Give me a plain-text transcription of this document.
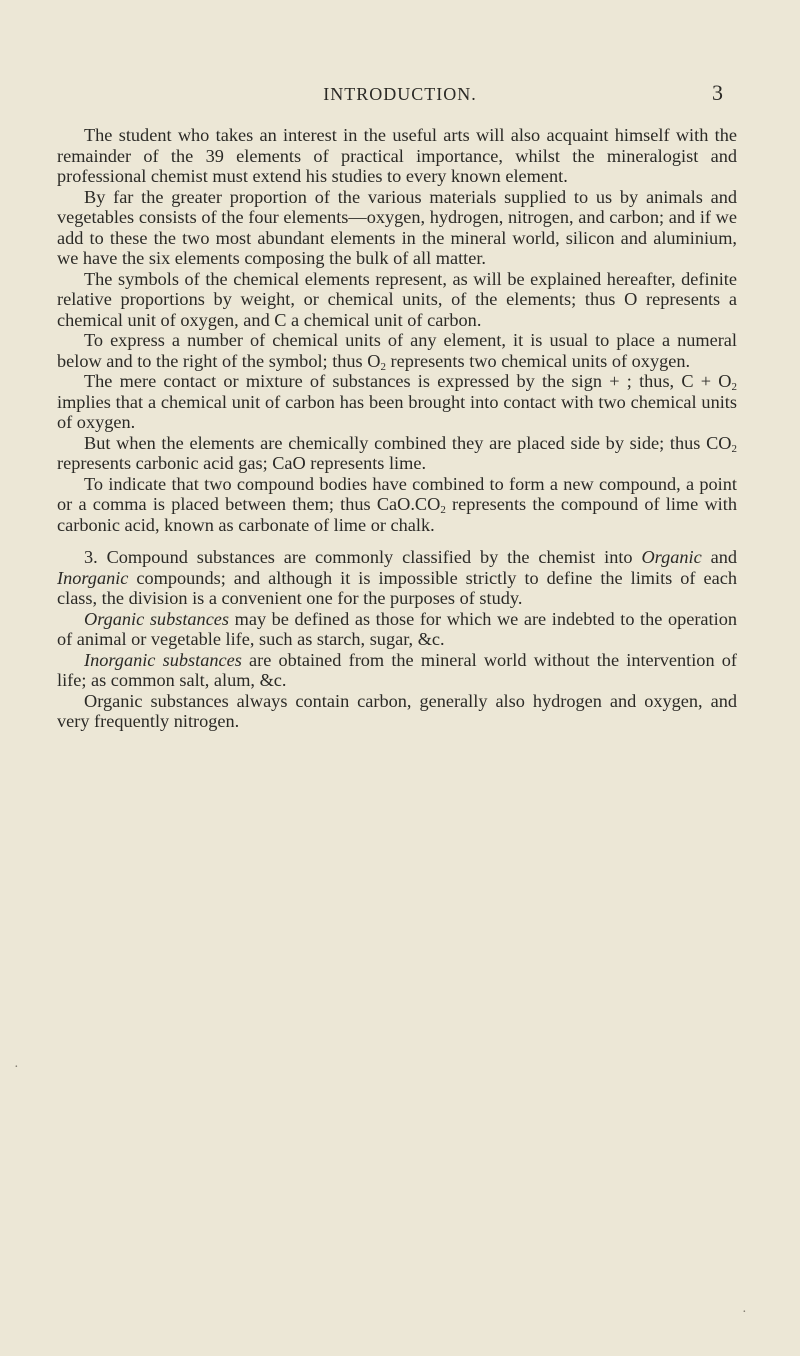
INTRODUCTION.	3

The student who takes an interest in the useful arts will also acquaint himself with the remainder of the 39 elements of practical importance, whilst the mineralogist and professional chemist must extend his studies to every known element.

By far the greater proportion of the various materials supplied to us by animals and vegetables consists of the four elements—oxygen, hydrogen, nitrogen, and carbon; and if we add to these the two most abundant elements in the mineral world, silicon and aluminium, we have the six elements composing the bulk of all matter.

The symbols of the chemical elements represent, as will be explained hereafter, definite relative proportions by weight, or chemical units, of the elements; thus O represents a chemical unit of oxygen, and C a chemical unit of carbon.

To express a number of chemical units of any element, it is usual to place a numeral below and to the right of the symbol; thus $O_2$ represents two chemical units of oxygen.

The mere contact or mixture of substances is expressed by the sign + ; thus, $C + O_2$ implies that a chemical unit of carbon has been brought into contact with two chemical units of oxygen.

But when the elements are chemically combined they are placed side by side; thus $CO_2$ represents carbonic acid gas; CaO represents lime.

To indicate that two compound bodies have combined to form a new compound, a point or a comma is placed between them; thus $CaO.CO_2$ represents the compound of lime with carbonic acid, known as carbonate of lime or chalk.

3. Compound substances are commonly classified by the chemist into Organic and Inorganic compounds; and although it is impossible strictly to define the limits of each class, the division is a convenient one for the purposes of study.

Organic substances may be defined as those for which we are indebted to the operation of animal or vegetable life, such as starch, sugar, &c.

Inorganic substances are obtained from the mineral world without the intervention of life; as common salt, alum, &c.

Organic substances always contain carbon, generally also hydrogen and oxygen, and very frequently nitrogen.

·
·
